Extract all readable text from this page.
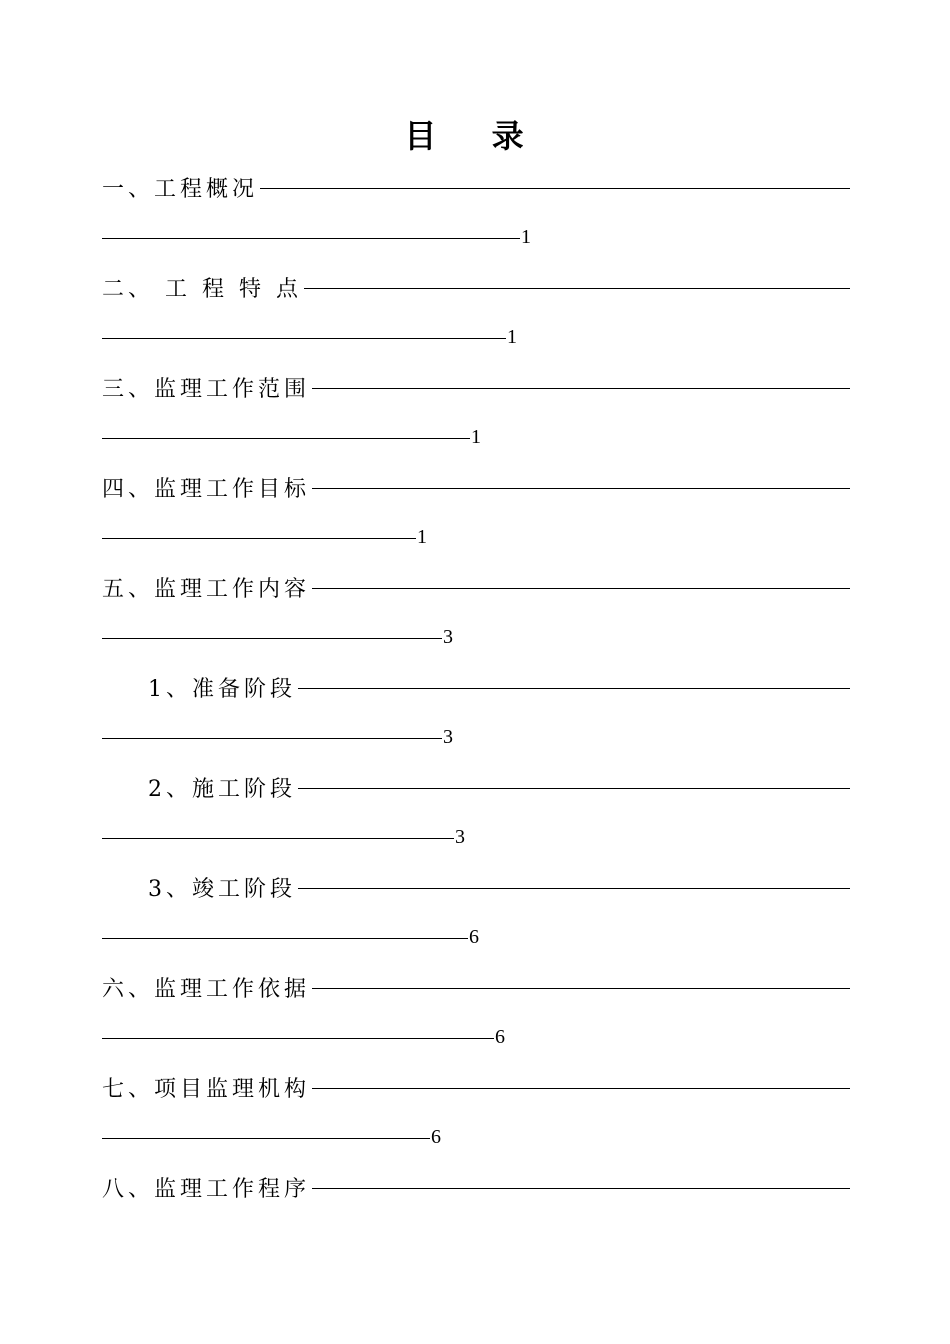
目 录
一、工程概况
1
二、 工 程 特 点
1
三、监理工作范围
1
四、监理工作目标
1
五、监理工作内容
3
1、准备阶段
3
2、施工阶段
3
3、竣工阶段
6
六、监理工作依据
6
七、项目监理机构
6
八、监理工作程序
